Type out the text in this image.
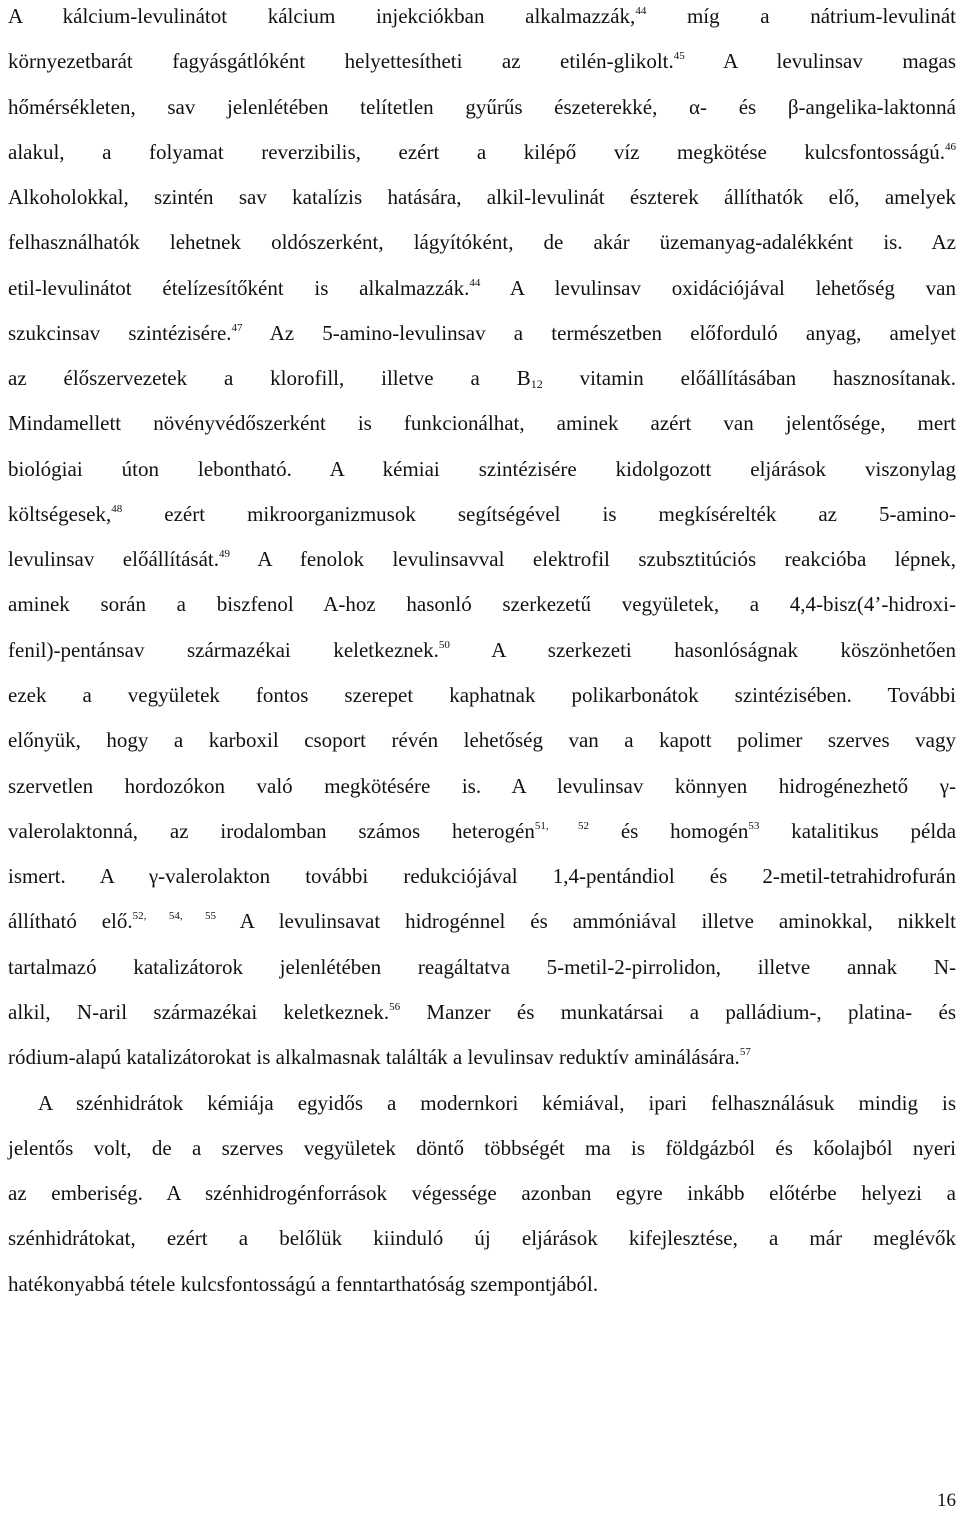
A kálcium-levulinátot kálcium injekciókban alkalmazzák,$^{44}$ míg a nátrium-levulinát
környezetbarát fagyásgátlóként helyettesítheti az etilén-glikolt.$^{45}$ A levulinsav magas
hőmérsékleten, sav jelenlétében telítetlen gyűrűs észeterekké, α- és β-angelika-laktonná
alakul, a folyamat reverzibilis, ezért a kilépő víz megkötése kulcsfontosságú.$^{46}$
Alkoholokkal, szintén sav katalízis hatására, alkil-levulinát észterek állíthatók elő, amelyek
felhasználhatók lehetnek oldószerként, lágyítóként, de akár üzemanyag-adalékként is. Az
etil-levulinátot ételízesítőként is alkalmazzák.$^{44}$ A levulinsav oxidációjával lehetőség van
szukcinsav szintézisére.$^{47}$ Az 5-amino-levulinsav a természetben előforduló anyag, amelyet
az élőszervezetek a klorofill, illetve a $B_{12}$ vitamin előállításában hasznosítanak.
Mindamellett növényvédőszerként is funkcionálhat, aminek azért van jelentősége, mert
biológiai úton lebontható. A kémiai szintézisére kidolgozott eljárások viszonylag
költségesek,$^{48}$ ezért mikroorganizmusok segítségével is megkísérelték az 5-amino-
levulinsav előállítását.$^{49}$ A fenolok levulinsavval elektrofil szubsztitúciós reakcióba lépnek,
aminek során a biszfenol A-hoz hasonló szerkezetű vegyületek, a 4,4-bisz(4’-hidroxi-
fenil)-pentánsav származékai keletkeznek.$^{50}$ A szerkezeti hasonlóságnak köszönhetően
ezek a vegyületek fontos szerepet kaphatnak polikarbonátok szintézisében. További
előnyük, hogy a karboxil csoport révén lehetőség van a kapott polimer szerves vagy
szervetlen hordozókon való megkötésére is. A levulinsav könnyen hidrogénezhető γ-
valerolaktonná, az irodalomban számos heterogén$^{51, 52}$ és homogén$^{53}$ katalitikus példa
ismert. A γ-valerolakton további redukciójával 1,4-pentándiol és 2-metil-tetrahidrofurán
állítható elő.$^{52, 54, 55}$ A levulinsavat hidrogénnel és ammóniával illetve aminokkal, nikkelt
tartalmazó katalizátorok jelenlétében reagáltatva 5-metil-2-pirrolidon, illetve annak N-
alkil, N-aril származékai keletkeznek.$^{56}$ Manzer és munkatársai a palládium-, platina- és
ródium-alapú katalizátorokat is alkalmasnak találták a levulinsav reduktív aminálására.$^{57}$
A szénhidrátok kémiája egyidős a modernkori kémiával, ipari felhasználásuk mindig is
jelentős volt, de a szerves vegyületek döntő többségét ma is földgázból és kőolajból nyeri
az emberiség. A szénhidrogénforrások végessége azonban egyre inkább előtérbe helyezi a
szénhidrátokat, ezért a belőlük kiinduló új eljárások kifejlesztése, a már meglévők
hatékonyabbá tétele kulcsfontosságú a fenntarthatóság szempontjából.
16
